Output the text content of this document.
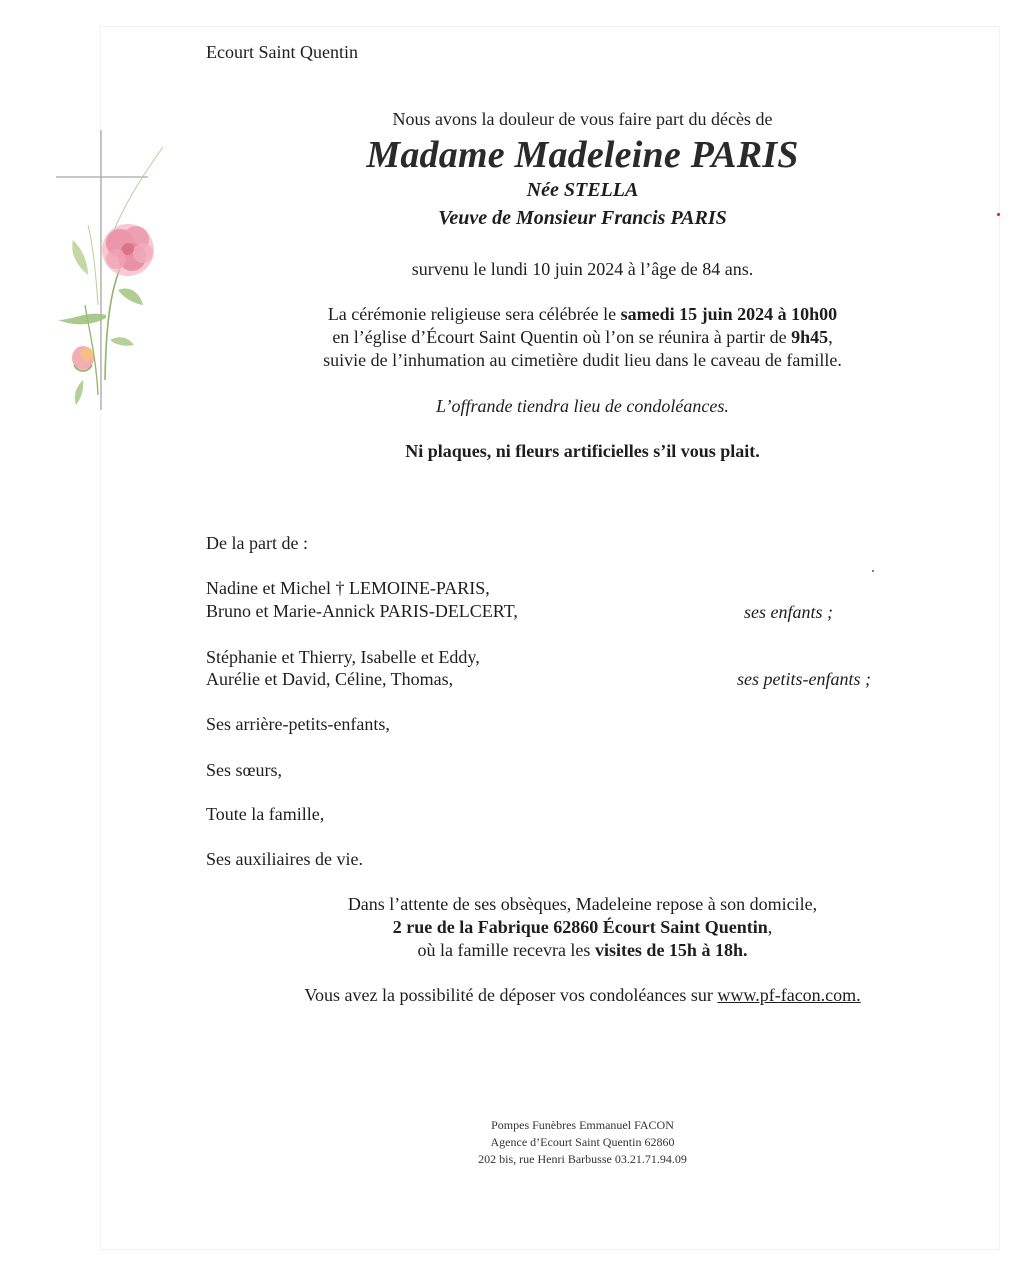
Ecourt Saint Quentin
Nous avons la douleur de vous faire part du décès de
Madame Madeleine PARIS
Née STELLA
Veuve de Monsieur Francis PARIS
survenu le lundi 10 juin 2024 à l’âge de 84 ans.
La cérémonie religieuse sera célébrée le samedi 15 juin 2024 à 10h00
en l’église d’Écourt Saint Quentin où l’on se réunira à partir de 9h45,
suivie de l’inhumation au cimetière dudit lieu dans le caveau de famille.
L’offrande tiendra lieu de condoléances.
Ni plaques, ni fleurs artificielles s’il vous plait.
De la part de :
Nadine et Michel † LEMOINE-PARIS,
Bruno et Marie-Annick PARIS-DELCERT,	ses enfants ;
Stéphanie et Thierry, Isabelle et Eddy,
Aurélie et David, Céline, Thomas,	ses petits-enfants ;
Ses arrière-petits-enfants,
Ses sœurs,
Toute la famille,
Ses auxiliaires de vie.
Dans l’attente de ses obsèques, Madeleine repose à son domicile,
2 rue de la Fabrique 62860 Écourt Saint Quentin,
où la famille recevra les visites de 15h à 18h.
Vous avez la possibilité de déposer vos condoléances sur www.pf-facon.com.
Pompes Funèbres Emmanuel FACON
Agence d’Ecourt Saint Quentin 62860
202 bis, rue Henri Barbusse 03.21.71.94.09
